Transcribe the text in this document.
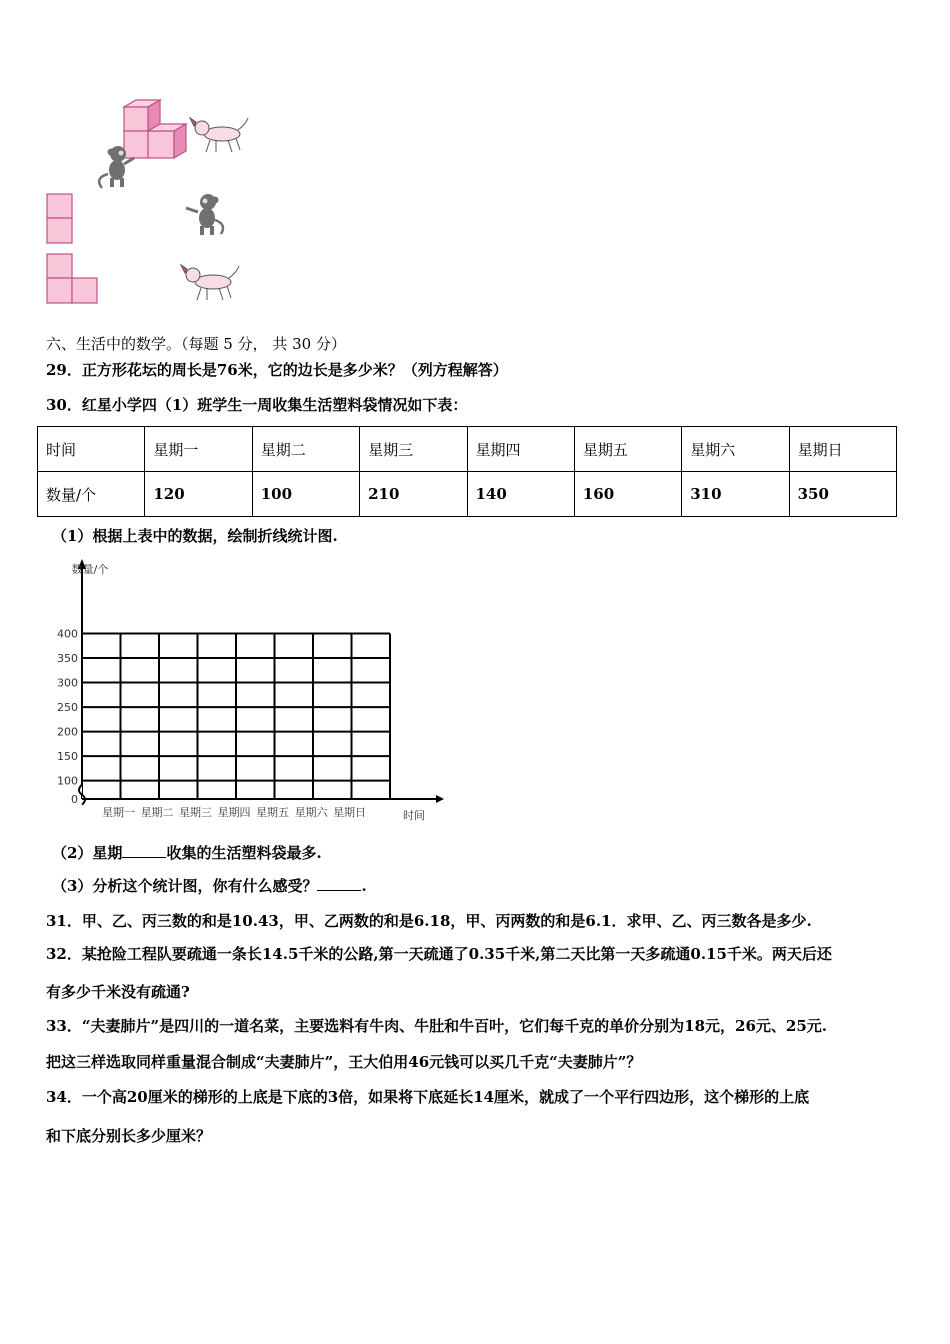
六、生活中的数学。（每题 5 分， 共 30 分）
29．正方形花坛的周长是76米，它的边长是多少米？（列方程解答）
30．红星小学四（1）班学生一周收集生活塑料袋情况如下表：
时间	星期一	星期二	星期三	星期四	星期五	星期六	星期日
数量/个	120	100	210	140	160	310	350
（1）根据上表中的数据，绘制折线统计图.
0
100
150
200
250
300
350
400
星期一 星期二 星期三 星期四 星期五 星期六 星期日
数量/个
时间
（2）星期	收集的生活塑料袋最多.
（3）分析这个统计图，你有什么感受？	.
31．甲、乙、丙三数的和是10.43，甲、乙两数的和是6.18，甲、丙两数的和是6.1．求甲、乙、丙三数各是多少.
32．某抢险工程队要疏通一条长14.5千米的公路,第一天疏通了0.35千米,第二天比第一天多疏通0.15千米。两天后还
有多少千米没有疏通?
33．“夫妻肺片”是四川的一道名菜，主要选料有牛肉、牛肚和牛百叶，它们每千克的单价分别为18元，26元、25元.
把这三样选取同样重量混合制成“夫妻肺片”，王大伯用46元钱可以买几千克“夫妻肺片”？
34．一个高20厘米的梯形的上底是下底的3倍，如果将下底延长14厘米，就成了一个平行四边形，这个梯形的上底
和下底分别长多少厘米？
